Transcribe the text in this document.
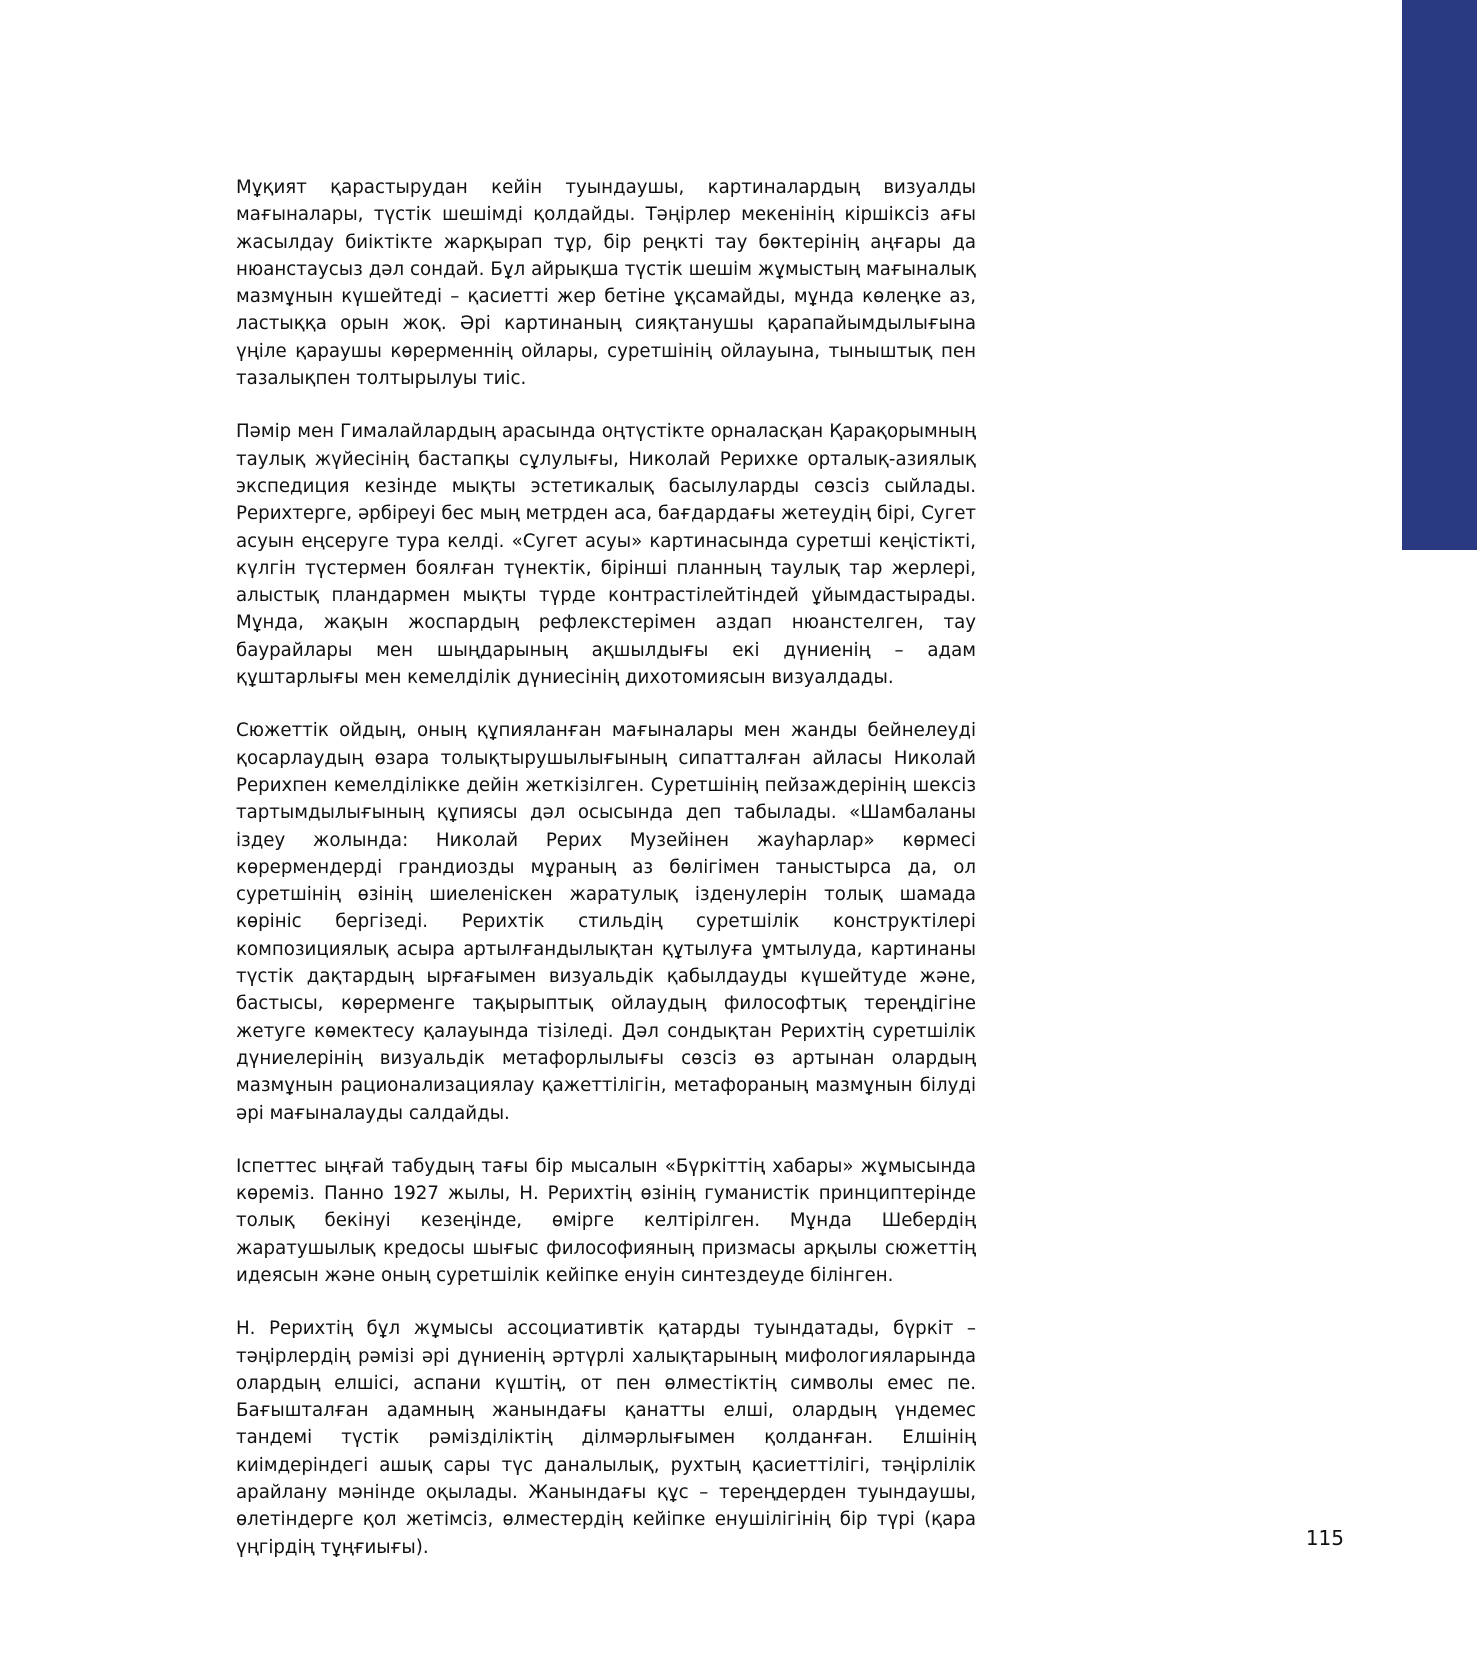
Мұқият қарастырудан кейін туындаушы, картиналардың визуалды мағыналары, түстік шешімді қолдайды. Тәңірлер мекенінің кіршіксіз ағы жасылдау биіктікте жарқырап тұр, бір реңкті тау бөктерінің аңғары да нюанстаусыз дәл сондай. Бұл айрықша түстік шешім жұмыстың мағыналық мазмұнын күшейтеді – қасиетті жер бетіне ұқсамайды, мұнда көлеңке аз, ластыққа орын жоқ. Әрі картинаның сияқтанушы қарапайымдылығына үңіле қараушы көрерменнің ойлары, суретшінің ойлауына, тыныштық пен тазалықпен толтырылуы тиіс.

Пәмір мен Гималайлардың арасында оңтүстікте орналасқан Қарақорымның таулық жүйесінің бастапқы сұлулығы, Николай Рерихке орталық-азиялық экспедиция кезінде мықты эстетикалық басылуларды сөзсіз сыйлады. Рерихтерге, әрбіреуі бес мың метрден аса, бағдардағы жетеудің бірі, Сугет асуын еңсеруге тура келді. «Сугет асуы» картинасында суретші кеңістікті, күлгін түстермен боялған түнектік, бірінші планның таулық тар жерлері, алыстық пландармен мықты түрде контрастілейтіндей ұйымдастырады. Мұнда, жақын жоспардың рефлекстерімен аздап нюанстелген, тау баурайлары мен шыңдарының ақшылдығы екі дүниенің – адам құштарлығы мен кемелділік дүниесінің дихотомиясын визуалдады.

Сюжеттік ойдың, оның құпияланған мағыналары мен жанды бейнелеуді қосарлаудың өзара толықтырушылығының сипатталған айласы Николай Рерихпен кемелділікке дейін жеткізілген. Суретшінің пейзаждерінің шексіз тартымдылығының құпиясы дәл осысында деп табылады. «Шамбаланы іздеу жолында: Николай Рерих Музейінен жауһарлар» көрмесі көрермендерді грандиозды мұраның аз бөлігімен таныстырса да, ол суретшінің өзінің шиеленіскен жаратулық ізденулерін толық шамада көрініс бергізеді. Рерихтік стильдің суретшілік конструктілері композициялық асыра артылғандылықтан құтылуға ұмтылуда, картинаны түстік дақтардың ырғағымен визуальдік қабылдауды күшейтуде және, бастысы, көрерменге тақырыптық ойлаудың философтық тереңдігіне жетуге көмектесу қалауында тізіледі. Дәл сондықтан Рерихтің суретшілік дүниелерінің визуальдік метафорлылығы сөзсіз өз артынан олардың мазмұнын рационализациялау қажеттілігін, метафораның мазмұнын білуді әрі мағыналауды салдайды.

Іспеттес ыңғай табудың тағы бір мысалын «Бүркіттің хабары» жұмысында көреміз. Панно 1927 жылы, Н. Рерихтің өзінің гуманистік принциптерінде толық бекінуі кезеңінде, өмірге келтірілген. Мұнда Шебердің жаратушылық кредосы шығыс философияның призмасы арқылы сюжеттің идеясын және оның суретшілік кейіпке енуін синтездеуде білінген.

Н. Рерихтің бұл жұмысы ассоциативтік қатарды туындатады, бүркіт – тәңірлердің рәмізі әрі дүниенің әртүрлі халықтарының мифологияларында олардың елшісі, аспани күштің, от пен өлместіктің символы емес пе. Бағышталған адамның жанындағы қанатты елші, олардың үндемес тандемі түстік рәмізділіктің ділмәрлығымен қолданған. Елшінің киімдеріндегі ашық сары түс даналылық, рухтың қасиеттілігі, тәңірлілік арайлану мәнінде оқылады. Жанындағы құс – тереңдерден туындаушы, өлетіндерге қол жетімсіз, өлместердің кейіпке енушілігінің бір түрі (қара үңгірдің тұңғиығы).	115
